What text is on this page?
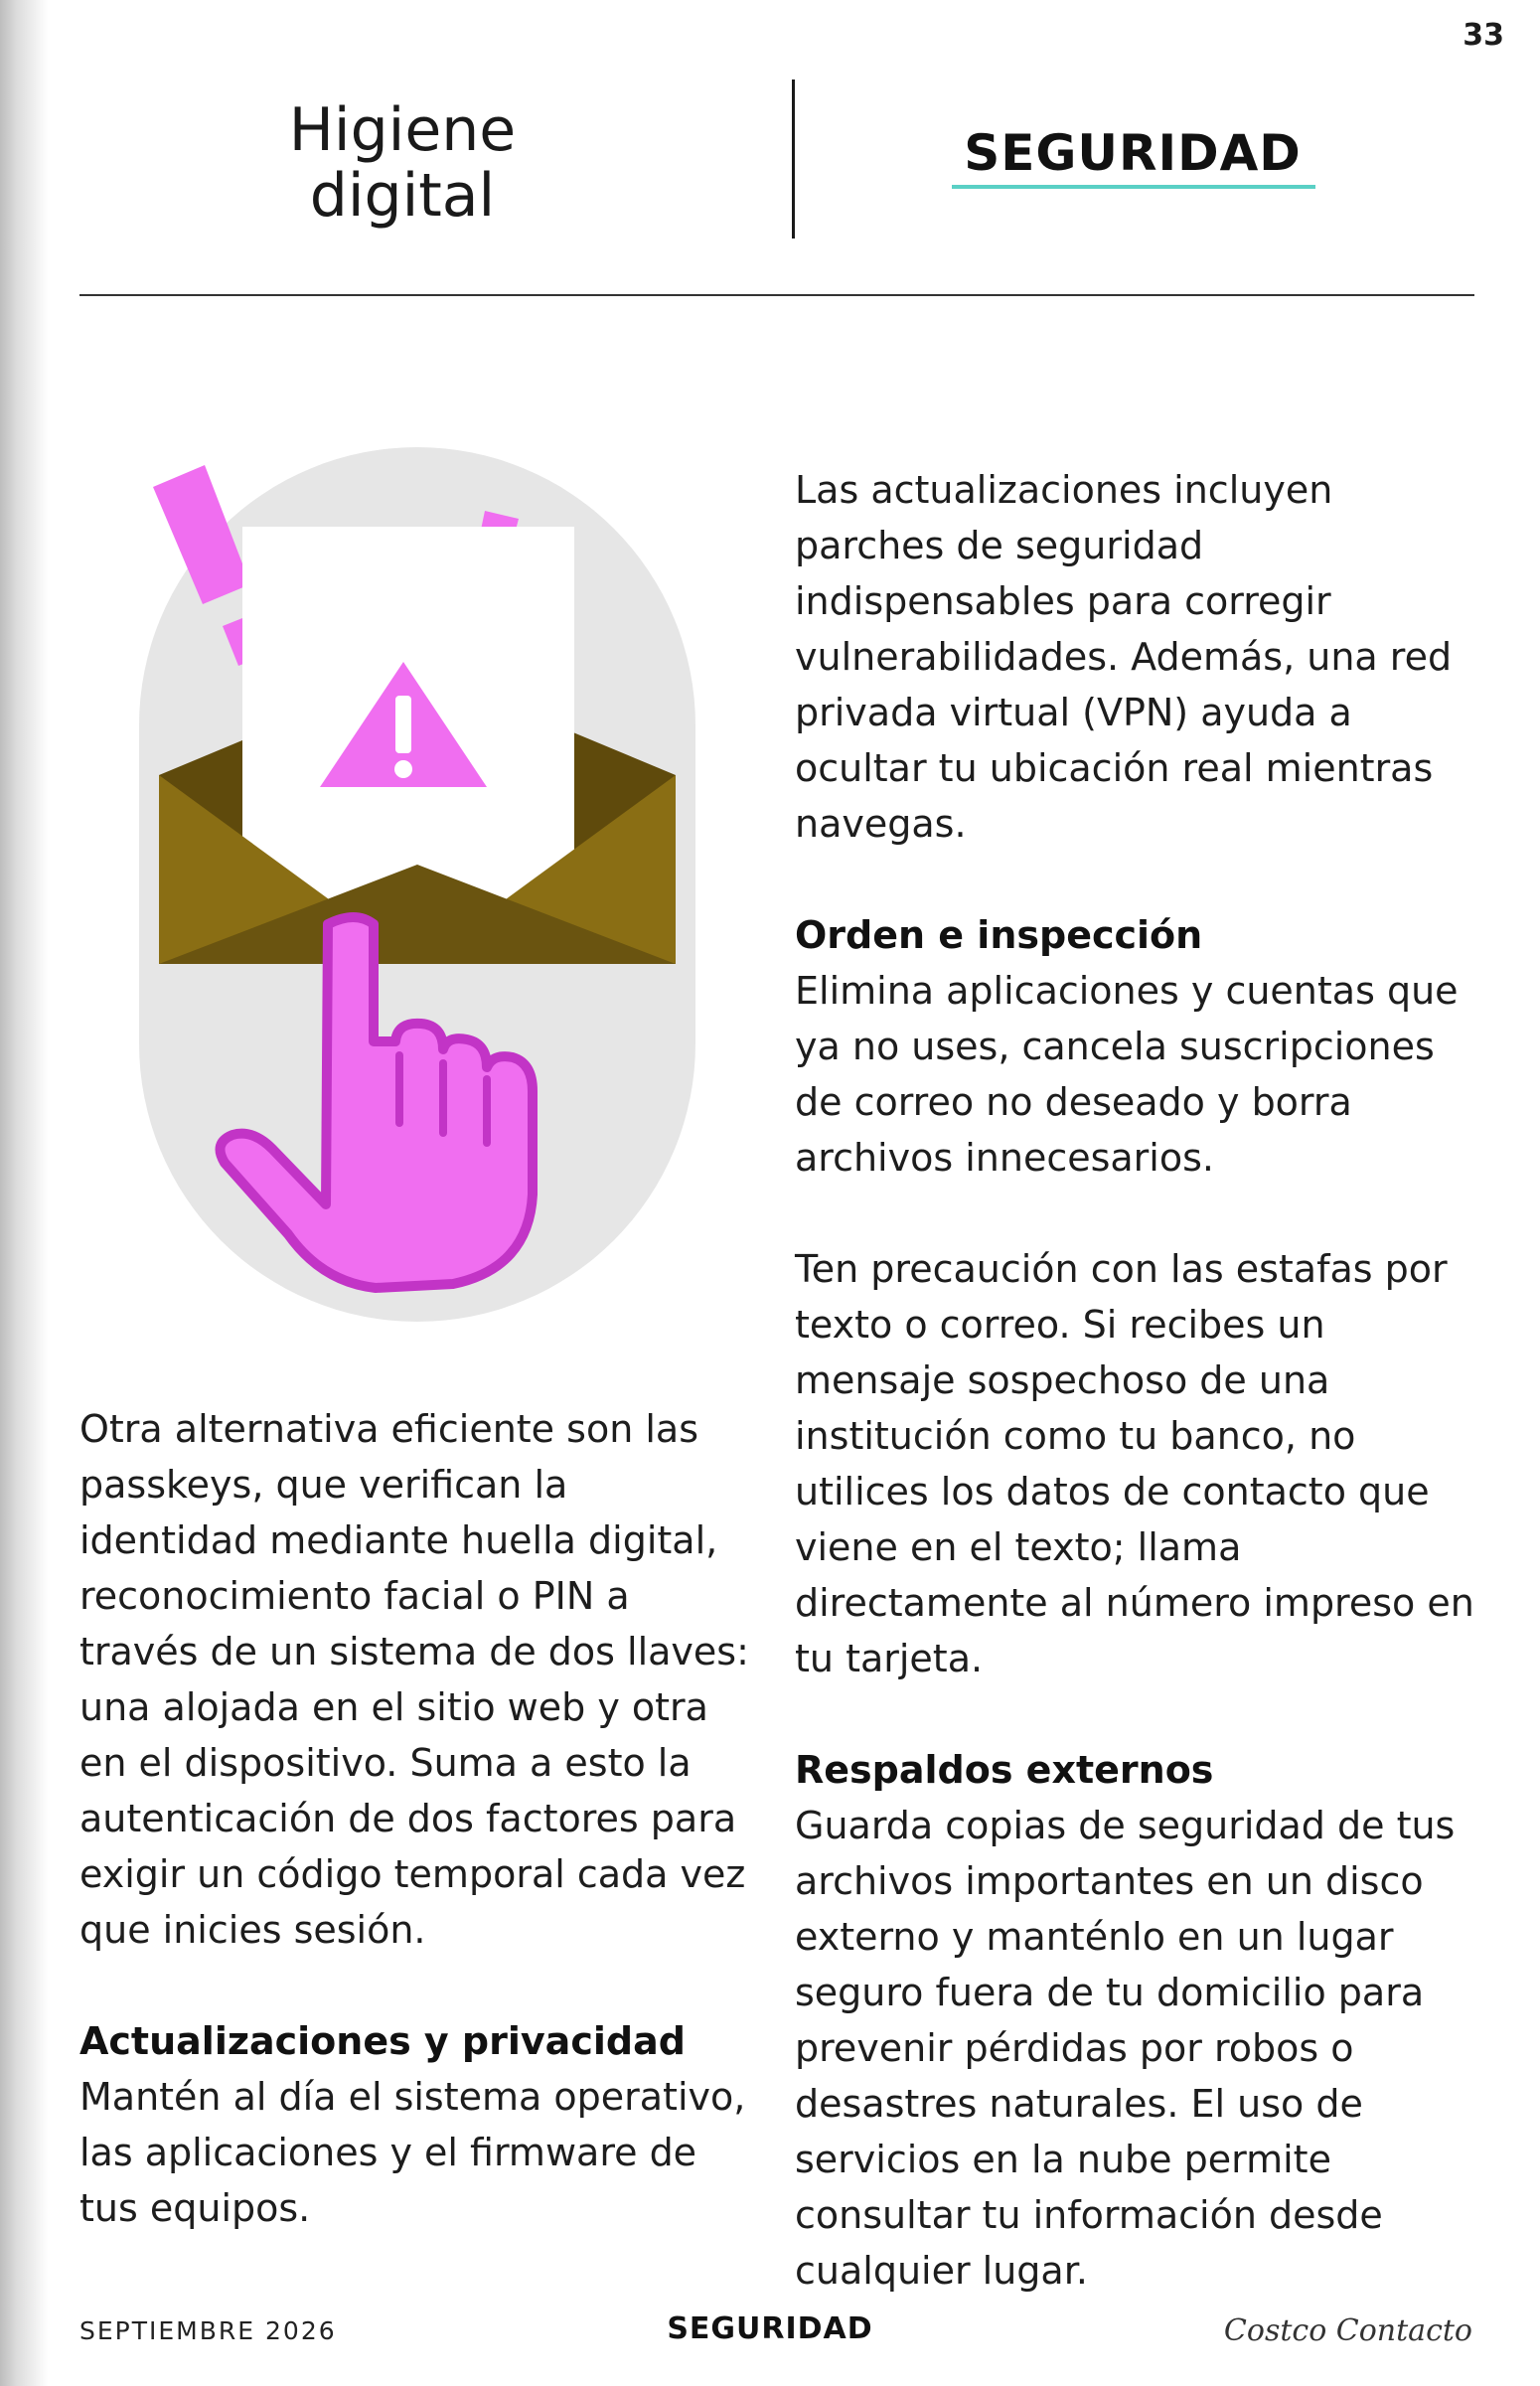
33
Higiene
digital
SEGURIDAD

Otra alternativa eficiente son las passkeys, que verifican la identidad mediante huella digital, reconocimiento facial o PIN a través de un sistema de dos llaves: una alojada en el sitio web y otra en el dispositivo. Suma a esto la autenticación de dos factores para exigir un código temporal cada vez que inicies sesión.

Actualizaciones y privacidad

Mantén al día el sistema operativo, las aplicaciones y el firmware de tus equipos.

Las actualizaciones incluyen parches de seguridad indispensables para corregir vulnerabilidades. Además, una red privada virtual (VPN) ayuda a ocultar tu ubicación real mientras navegas.

Orden e inspección

Elimina aplicaciones y cuentas que ya no uses, cancela suscripciones de correo no deseado y borra archivos innecesarios.

Ten precaución con las estafas por texto o correo. Si recibes un mensaje sospechoso de una institución como tu banco, no utilices los datos de contacto que viene en el texto; llama directamente al número impreso en tu tarjeta.

Respaldos externos

Guarda copias de seguridad de tus archivos importantes en un disco externo y manténlo en un lugar seguro fuera de tu domicilio para prevenir pérdidas por robos o desastres naturales. El uso de servicios en la nube permite consultar tu información desde cualquier lugar.

SEPTIEMBRE 2026	SEGURIDAD	Costco Contacto
